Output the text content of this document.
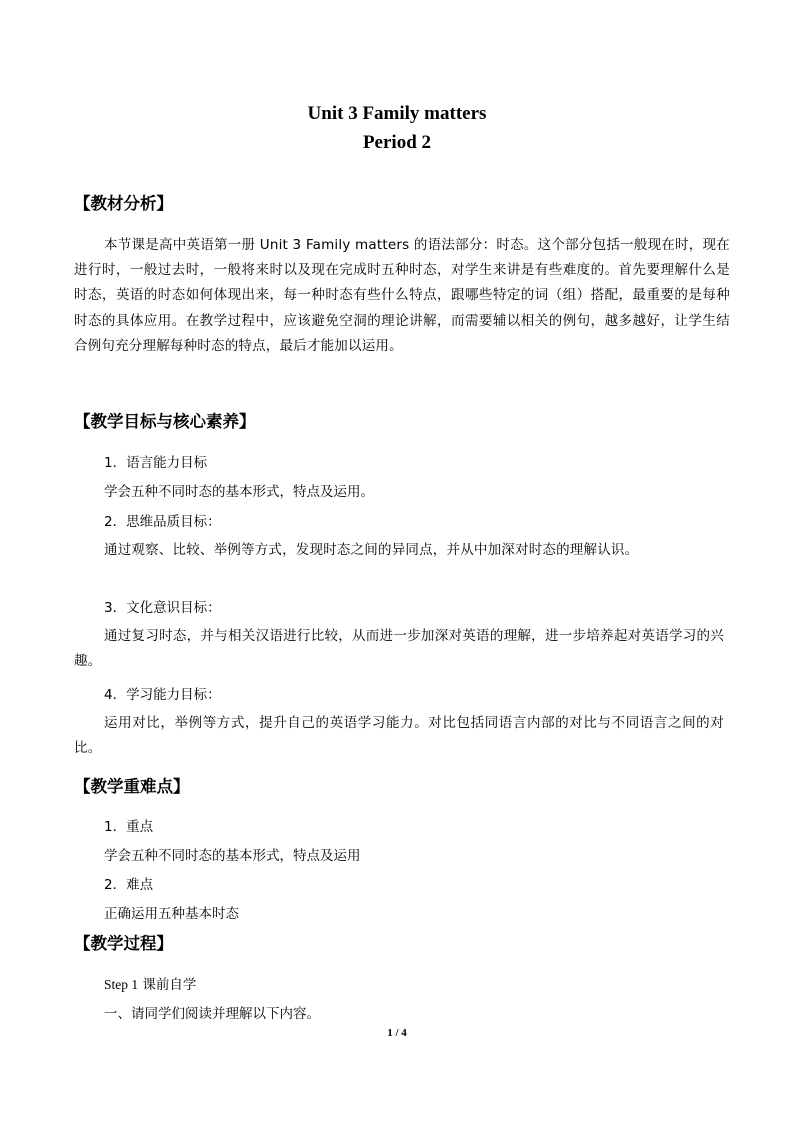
Unit 3 Family matters
Period 2
【教材分析】
本节课是高中英语第一册 Unit 3 Family matters 的语法部分：时态。这个部分包括一般现在时，现在进行时，一般过去时，一般将来时以及现在完成时五种时态，对学生来讲是有些难度的。首先要理解什么是时态，英语的时态如何体现出来，每一种时态有些什么特点，跟哪些特定的词（组）搭配，最重要的是每种时态的具体应用。在教学过程中，应该避免空洞的理论讲解，而需要辅以相关的例句，越多越好，让学生结合例句充分理解每种时态的特点，最后才能加以运用。
【教学目标与核心素养】
1．语言能力目标
学会五种不同时态的基本形式，特点及运用。
2．思维品质目标：
通过观察、比较、举例等方式，发现时态之间的异同点，并从中加深对时态的理解认识。
3．文化意识目标：
通过复习时态，并与相关汉语进行比较，从而进一步加深对英语的理解，进一步培养起对英语学习的兴趣。
4．学习能力目标：
运用对比，举例等方式，提升自己的英语学习能力。对比包括同语言内部的对比与不同语言之间的对比。
【教学重难点】
1．重点
学会五种不同时态的基本形式，特点及运用
2．难点
正确运用五种基本时态
【教学过程】
Step 1 课前自学
一、请同学们阅读并理解以下内容。
1 / 4
